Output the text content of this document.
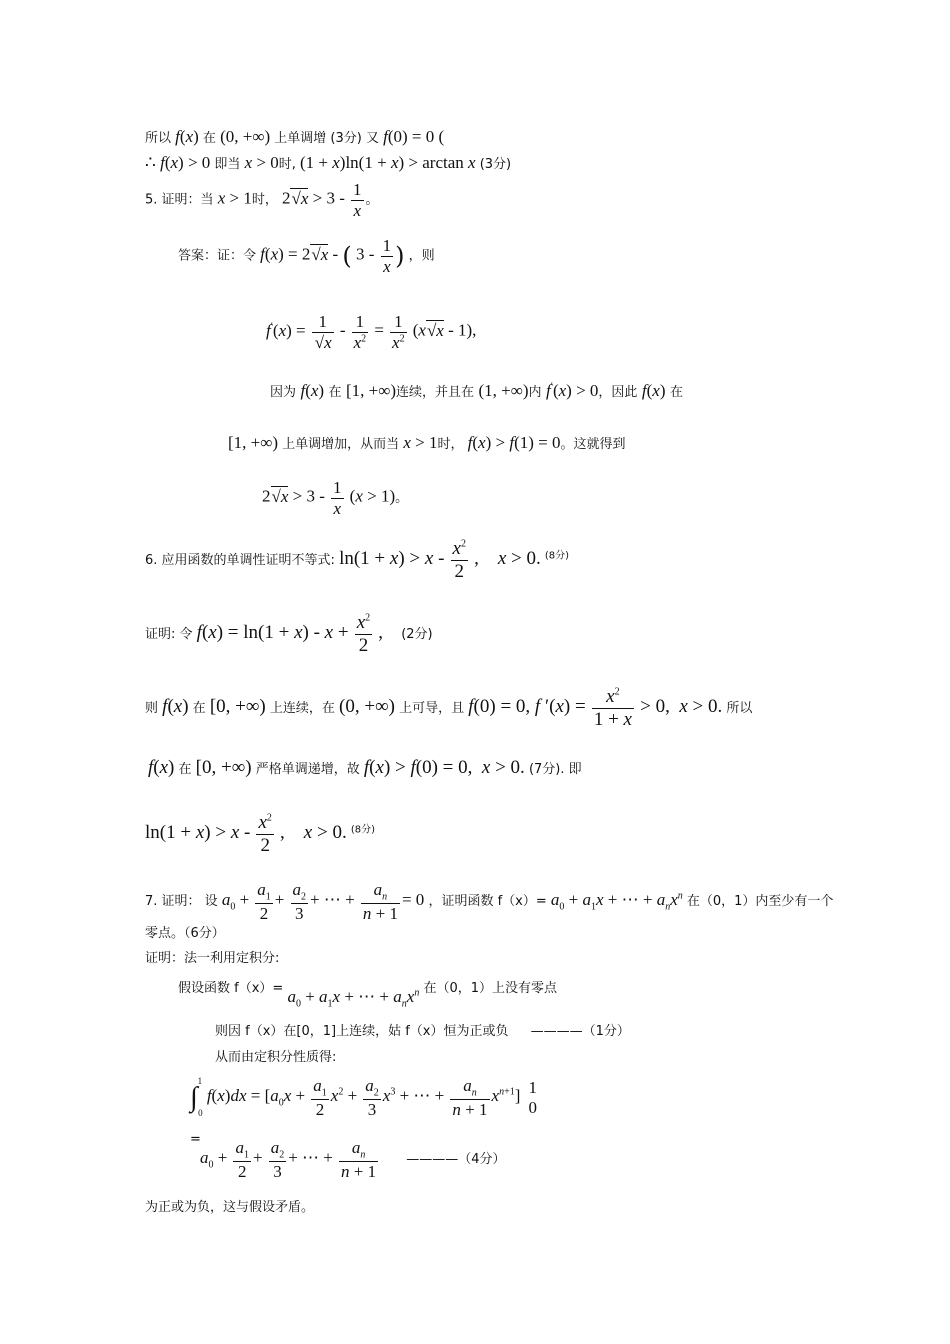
所以 f(x) 在 (0, +∞) 上单调增 (3分) 又 f(0) = 0 (
∴ f(x) > 0 即当 x > 0时, (1 + x)ln(1 + x) > arctan x (3分)
5. 证明：当 x > 1时， $2√x > 3 - \frac{1}{x}$ 。
答案：证：令 f(x) = 2√x - ( $3 - \frac{1}{x}$ ) ，则
$f'(x) = \frac{1}{√x} - \frac{1}{x^2} = \frac{1}{x^2} (x√x - 1)$,
因为 f(x) 在 [1, +∞)连续，并且在 (1, +∞)内 f′(x) > 0，因此 f(x) 在
[1, +∞) 上单调增加，从而当 x > 1时， f(x) > f(1) = 0。这就得到
$2√x > 3 - \frac{1}{x} (x > 1)$。
6. 应用函数的单调性证明不等式: $\ln(1 + x) > x - \frac{x^2}{2}$ ,    x > 0. $^{(8分)}$
证明: 令 $f(x) = \ln(1 + x) - x + \frac{x^2}{2}$ , (2分)
则 f(x) 在 [0, +∞) 上连续，在 (0, +∞) 上可导，且 f(0) = 0, f $'(x) = \frac{x^2}{1 + x} > 0$,  x > 0. 所以
f(x) 在 [0, +∞) 严格单调递增，故 f(x) > f(0) = 0,  x > 0. (7分). 即
$\ln(1 + x) > x - \frac{x^2}{2}$ ,    x > 0. $^{(8分)}$
7. 证明： 设 $a_0 + \frac{a_1}{2} + \frac{a_2}{3}$ + ⋯ + $\frac{a_n}{n + 1} = 0$ ，证明函数 $f(x)= a_0 + a_1x$ + ⋯ + $a_nx^n$ 在（0，1）内至少有一个
零点。（6分）
证明：法一利用定积分:
假设函数 $f(x)= a_0 + a_1x$ + ⋯ + $a_nx^n$ 在（0，1）上没有零点
则因 f（x）在[0，1]上连续，姑 f（x）恒为正或负 ————（1分）
从而由定积分性质得:
∫$^1$0 $f(x)dx = [a_0x + \frac{a_1}{2} x^2 + \frac{a_2}{3} x^3$ + ⋯ + $\frac{a_n}{n + 1} x^{n+1}$] 1
0
=
$a_0 + \frac{a_1}{2} + \frac{a_2}{3}$ + ⋯ + $\frac{a_n}{n + 1}$ ————（4分）
为正或为负，这与假设矛盾。
